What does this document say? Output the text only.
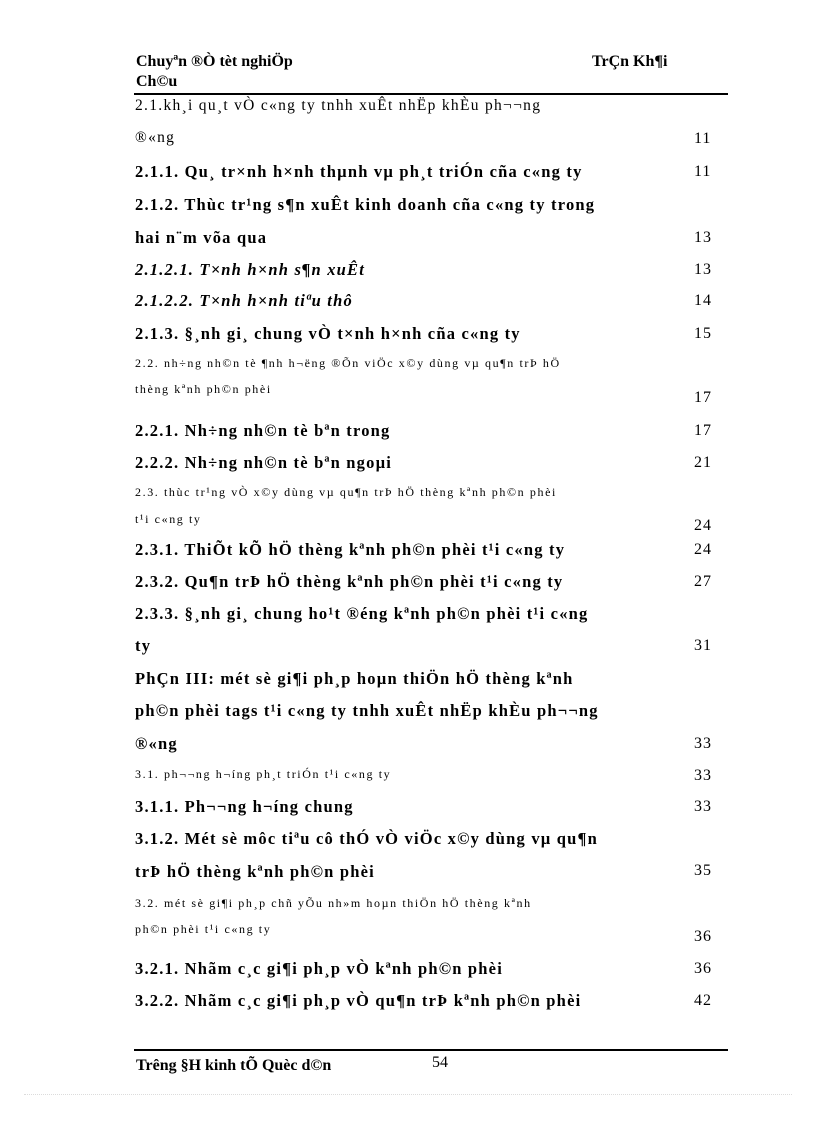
Chuyªn ®Ò tèt nghiÖp
Ch©u
TrÇn Kh¶i
2.1.kh¸i qu¸t vÒ c«ng ty tnhh xuÊt nhËp khÈu ph¬¬ng
®«ng	11
2.1.1. Qu¸ tr×nh h×nh thµnh vµ ph¸t triÓn cña c«ng ty	11
2.1.2. Thùc tr¹ng s¶n xuÊt kinh doanh cña c«ng ty trong
hai n¨m võa qua	13
2.1.2.1. T×nh h×nh s¶n xuÊt	13
2.1.2.2. T×nh h×nh tiªu thô	14
2.1.3. §¸nh gi¸ chung vÒ t×nh h×nh cña c«ng ty	15
2.2. nh÷ng nh©n tè ¶nh h¬ëng ®Õn viÖc x©y dùng vµ qu¶n trÞ hÖ
thèng kªnh ph©n phèi	17
2.2.1. Nh÷ng nh©n tè bªn trong	17
2.2.2. Nh÷ng nh©n tè bªn ngoµi	21
2.3. thùc tr¹ng vÒ x©y dùng vµ qu¶n trÞ hÖ thèng kªnh ph©n phèi
t¹i c«ng ty	24
2.3.1. ThiÕt kÕ hÖ thèng kªnh ph©n phèi t¹i c«ng ty	24
2.3.2. Qu¶n trÞ hÖ thèng kªnh ph©n phèi t¹i c«ng ty	27
2.3.3. §¸nh gi¸ chung ho¹t ®éng kªnh ph©n phèi t¹i c«ng
ty	31
PhÇn III: mét sè gi¶i ph¸p hoµn thiÖn hÖ thèng kªnh
ph©n phèi tags t¹i c«ng ty tnhh xuÊt nhËp khÈu ph¬¬ng
®«ng	33
3.1. ph¬¬ng h¬íng ph¸t triÓn t¹i c«ng ty	33
3.1.1. Ph¬¬ng h¬íng chung	33
3.1.2. Mét sè môc tiªu cô thÓ vÒ viÖc x©y dùng vµ qu¶n
trÞ hÖ thèng kªnh ph©n phèi	35
3.2. mét sè gi¶i ph¸p chñ yÕu nh»m hoµn thiÖn hÖ thèng kªnh
ph©n phèi t¹i c«ng ty	36
3.2.1. Nhãm c¸c gi¶i ph¸p vÒ kªnh ph©n phèi	36
3.2.2. Nhãm c¸c gi¶i ph¸p vÒ qu¶n trÞ kªnh ph©n phèi	42
Trêng §H kinh tÕ Quèc d©n	54
